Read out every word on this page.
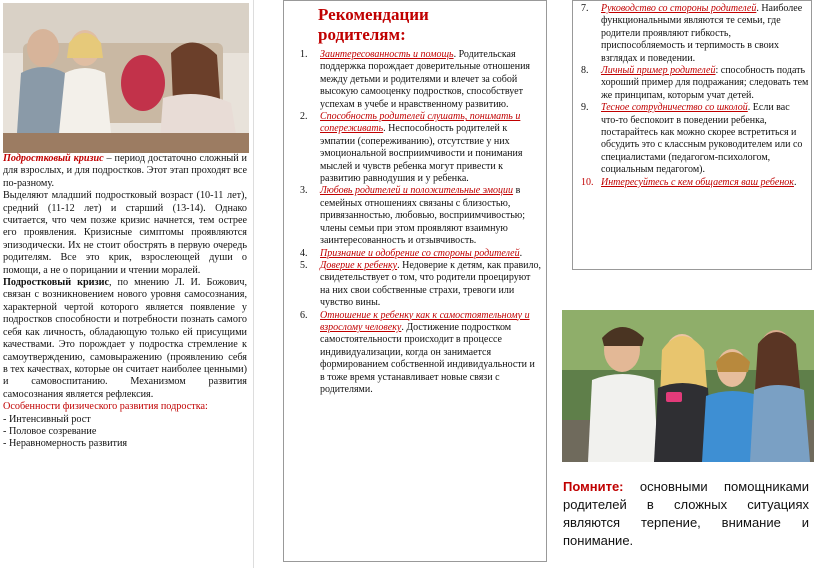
Подростковый кризис – период достаточно сложный и для взрослых, и для подростков. Этот этап проходят все по-разному.

Выделяют младший подростковый возраст (10-11 лет), средний (11-12 лет) и старший (13-14). Однако считается, что чем позже кризис начнется, тем острее его проявления. Кризисные симптомы проявляются эпизодически. Их не стоит обострять в первую очередь родителям. Все это крик, взрослеющей души о помощи, а не о порицании и чтении моралей.

Подростковый кризис, по мнению Л. И. Божович, связан с возникновением нового уровня самосознания, характерной чертой которого является появление у подростков способности и потребности познать самого себя как личность, обладающую только ей присущими качествами. Это порождает у подростка стремление к самоутверждению, самовыражению (проявлению себя в тех качествах, которые он считает наиболее ценными) и самовоспитанию. Механизмом развития самосознания является рефлексия.

Особенности физического развития подростка:

- Интенсивный рост
- Половое созревание
- Неравномерность развития
Рекомендации родителям:
1. Заинтересованность и помощь. Родительская поддержка порождает доверительные отношения между детьми и родителями и влечет за собой высокую самооценку подростков, способствует успехам в учебе и нравственному развитию.
2. Способность родителей слушать, понимать и сопереживать. Неспособность родителей к эмпатии (сопереживанию), отсутствие у них эмоциональной восприимчивости и понимания мыслей и чувств ребенка могут привести к развитию равнодушия и у ребенка.
3. Любовь родителей и положительные эмоции в семейных отношениях связаны с близостью, привязанностью, любовью, восприимчивостью; члены семьи при этом проявляют взаимную заинтересованность и отзывчивость.
4. Признание и одобрение со стороны родителей.
5. Доверие к ребенку. Недоверие к детям, как правило, свидетельствует о том, что родители проецируют на них свои собственные страхи, тревоги или чувство вины.
6. Отношение к ребенку как к самостоятельному и взрослому человеку. Достижение подростком самостоятельности происходит в процессе индивидуализации, когда он занимается формированием собственной индивидуальности и в тоже время устанавливает новые связи с родителями.
7. Руководство со стороны родителей. Наиболее функциональными являются те семьи, где родители проявляют гибкость, приспособляемость и терпимость в своих взглядах и поведении.
8. Личный пример родителей: способность подать хороший пример для подражания; следовать тем же принципам, которым учат детей.
9. Тесное сотрудничество со школой. Если вас что-то беспокоит в поведении ребенка, постарайтесь как можно скорее встретиться и обсудить это с классным руководителем или со специалистами (педагогом-психологом, социальным педагогом).
10. Интересуйтесь с кем общается ваш ребенок.
Помните: основными помощниками родителей в сложных ситуациях являются терпение, внимание и понимание.
